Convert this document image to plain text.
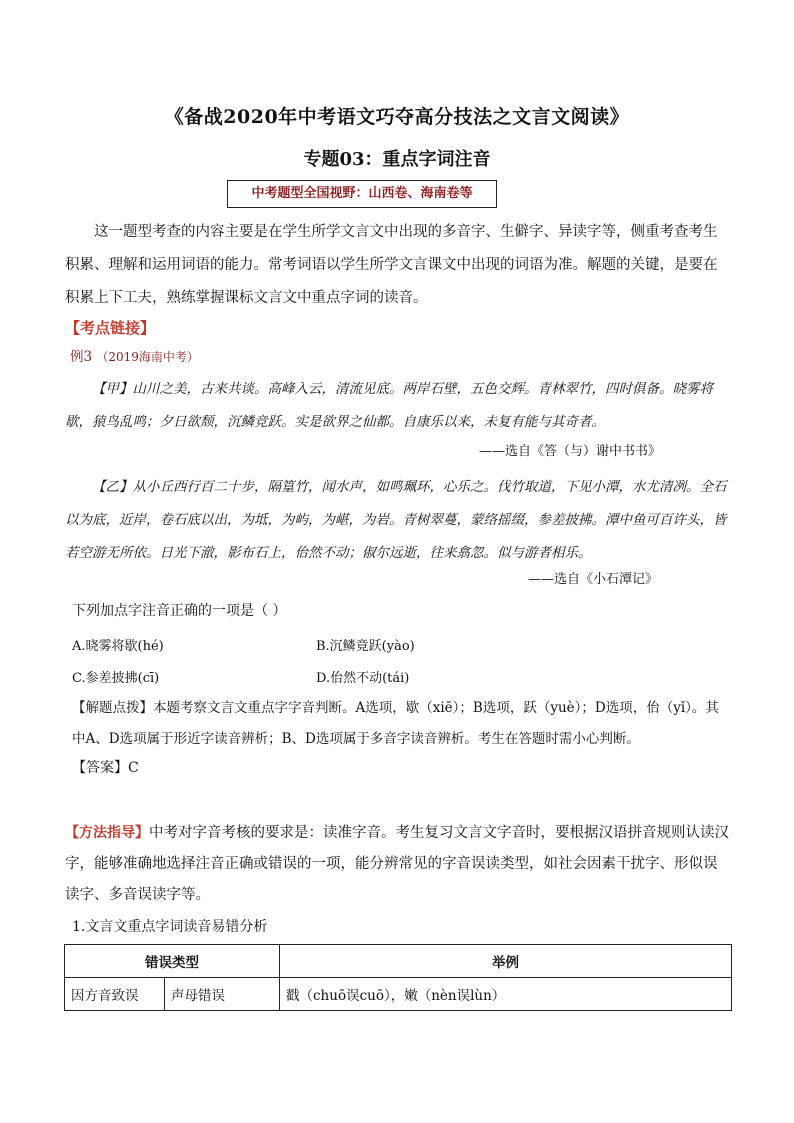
《备战2020年中考语文巧夺高分技法之文言文阅读》
专题03：重点字词注音
中考题型全国视野：山西卷、海南卷等
这一题型考查的内容主要是在学生所学文言文中出现的多音字、生僻字、异读字等，侧重考查考生积累、理解和运用词语的能力。常考词语以学生所学文言课文中出现的词语为准。解题的关键，是要在积累上下工夫，熟练掌握课标文言文中重点字词的读音。
【考点链接】
例3 （2019海南中考）
【甲】山川之美，古来共谈。高峰入云，清流见底。两岸石壁，五色交辉。青林翠竹，四时俱备。晓雾将歇，猿鸟乱鸣；夕日欲颓，沉鳞竞跃。实是欲界之仙都。自康乐以来，未复有能与其奇者。
——选自《答（与）谢中书书》
【乙】从小丘西行百二十步，隔篁竹，闻水声，如鸣珮环，心乐之。伐竹取道，下见小潭，水尤清冽。全石以为底，近岸，卷石底以出，为坻，为屿，为嵁，为岩。青树翠蔓，蒙络摇缀，参差披拂。潭中鱼可百许头，皆若空游无所依。日光下澈，影布石上，佁然不动；俶尔远逝，往来翕忽。似与游者相乐。
——选自《小石潭记》
下列加点字注音正确的一项是（ ）
A.晓雾将歇(hé)	B.沉鳞竟跃(yào)
C.参差披拂(cī)	D.佁然不动(tái)
【解题点拨】本题考察文言文重点字字音判断。A选项，歇（xiē）；B选项，跃（yuè）；D选项，佁（yǐ）。其中A、D选项属于形近字读音辨析；B、D选项属于多音字读音辨析。考生在答题时需小心判断。
【答案】C
【方法指导】中考对字音考核的要求是：读准字音。考生复习文言文字音时，要根据汉语拼音规则认读汉字，能够准确地选择注音正确或错误的一项，能分辨常见的字音误读类型，如社会因素干扰字、形似误读字、多音误读字等。
1.文言文重点字词读音易错分析
错误类型		举例
因方音致误	声母错误	戳（chuō误cuō），嫩（nèn误lùn）
